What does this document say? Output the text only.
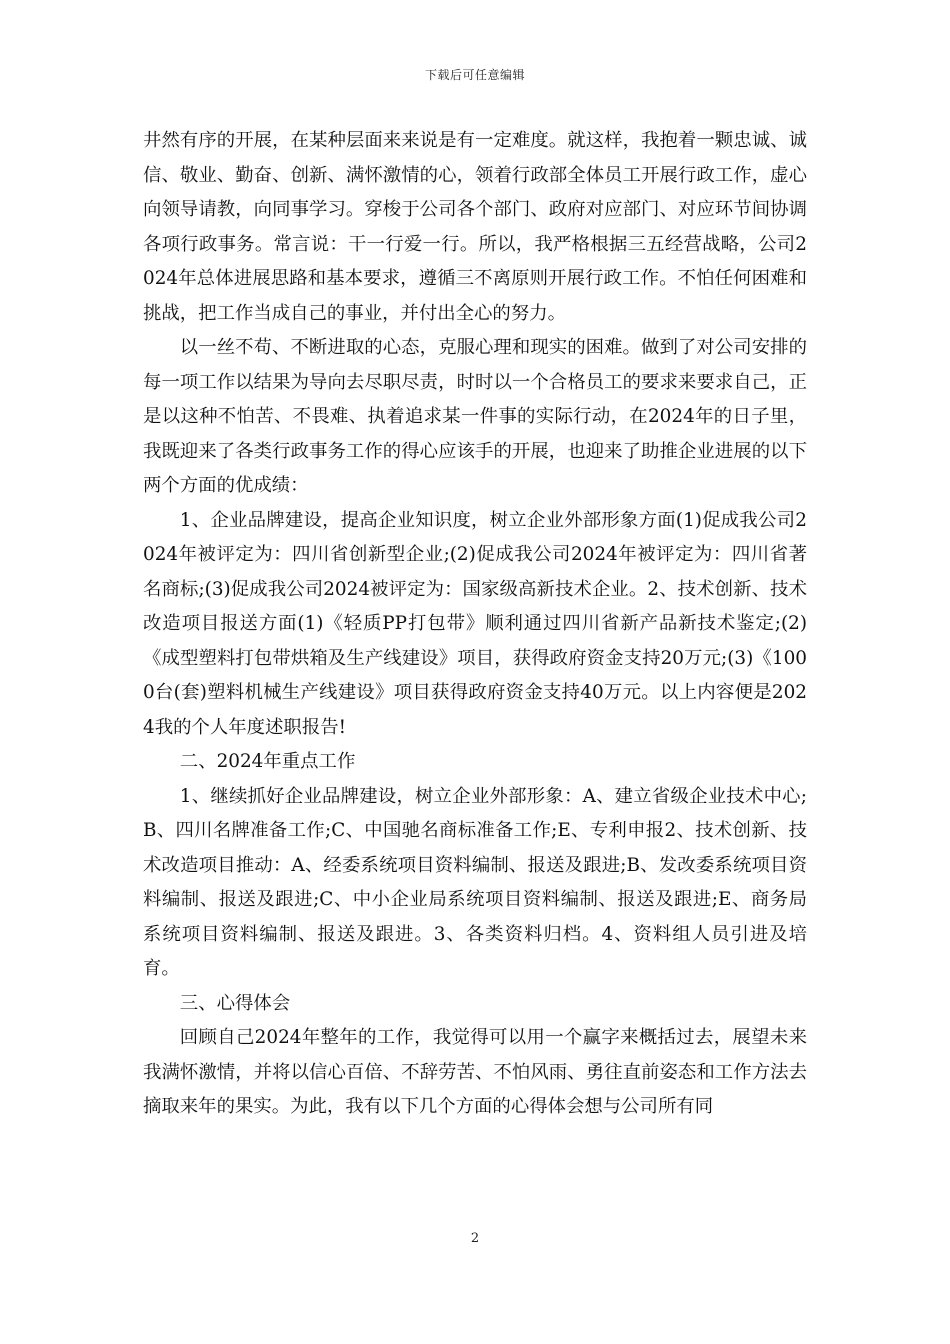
下载后可任意编辑

井然有序的开展，在某种层面来来说是有一定难度。就这样，我抱着一颗忠诚、诚信、敬业、勤奋、创新、满怀激情的心，领着行政部全体员工开展行政工作，虚心向领导请教，向同事学习。穿梭于公司各个部门、政府对应部门、对应环节间协调各项行政事务。常言说：干一行爱一行。所以，我严格根据三五经营战略，公司2024年总体进展思路和基本要求，遵循三不离原则开展行政工作。不怕任何困难和挑战，把工作当成自己的事业，并付出全心的努力。

以一丝不苟、不断进取的心态，克服心理和现实的困难。做到了对公司安排的每一项工作以结果为导向去尽职尽责，时时以一个合格员工的要求来要求自己，正是以这种不怕苦、不畏难、执着追求某一件事的实际行动，在2024年的日子里，我既迎来了各类行政事务工作的得心应该手的开展，也迎来了助推企业进展的以下两个方面的优成绩：

1、企业品牌建设，提高企业知识度，树立企业外部形象方面(1)促成我公司2024年被评定为：四川省创新型企业;(2)促成我公司2024年被评定为：四川省著名商标;(3)促成我公司2024被评定为：国家级高新技术企业。2、技术创新、技术改造项目报送方面(1)《轻质PP打包带》顺利通过四川省新产品新技术鉴定;(2)《成型塑料打包带烘箱及生产线建设》项目，获得政府资金支持20万元;(3)《1000台(套)塑料机械生产线建设》项目获得政府资金支持40万元。以上内容便是2024我的个人年度述职报告!

二、2024年重点工作

1、继续抓好企业品牌建设，树立企业外部形象：A、建立省级企业技术中心;B、四川名牌准备工作;C、中国驰名商标准备工作;E、专利申报2、技术创新、技术改造项目推动：A、经委系统项目资料编制、报送及跟进;B、发改委系统项目资料编制、报送及跟进;C、中小企业局系统项目资料编制、报送及跟进;E、商务局系统项目资料编制、报送及跟进。3、各类资料归档。4、资料组人员引进及培育。

三、心得体会

回顾自己2024年整年的工作，我觉得可以用一个赢字来概括过去，展望未来我满怀激情，并将以信心百倍、不辞劳苦、不怕风雨、勇往直前姿态和工作方法去摘取来年的果实。为此，我有以下几个方面的心得体会想与公司所有同

2
